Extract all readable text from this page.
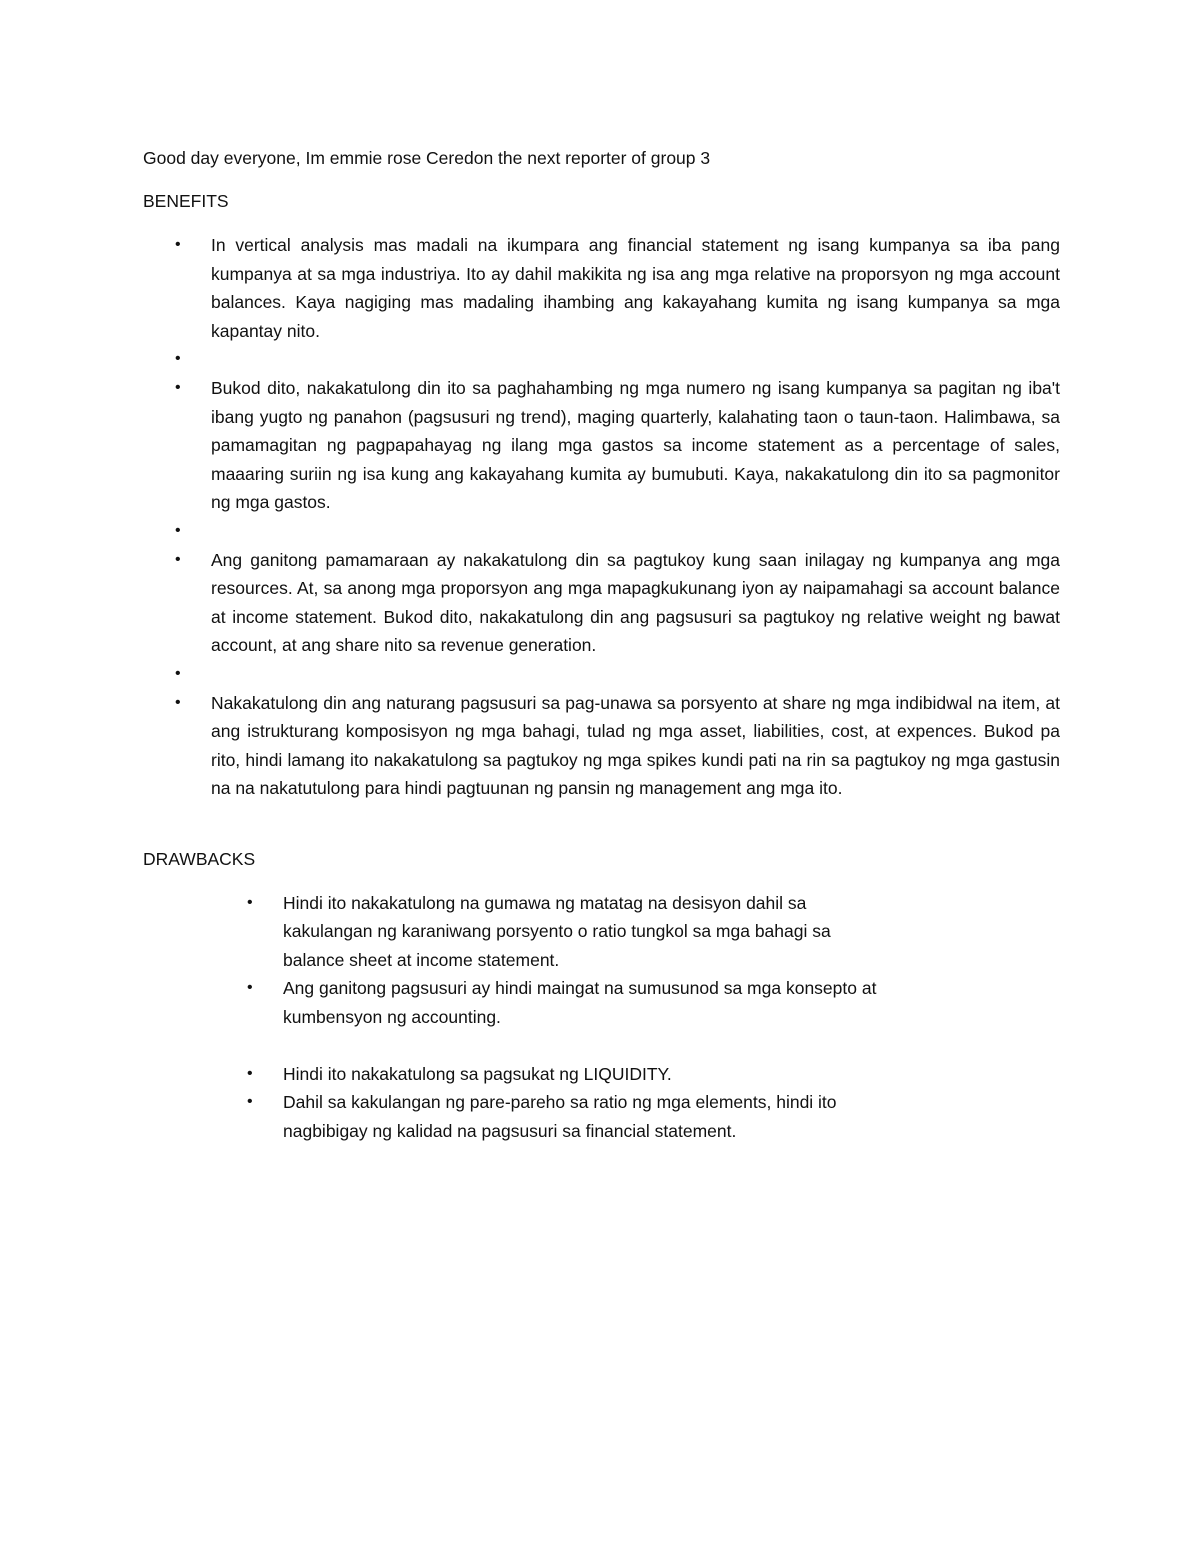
Good day everyone, Im emmie rose Ceredon the next reporter of group 3

BENEFITS

• In vertical analysis mas madali na ikumpara ang financial statement ng isang kumpanya sa iba pang kumpanya at sa mga industriya. Ito ay dahil makikita ng isa ang mga relative na proporsyon ng mga account balances. Kaya nagiging mas madaling ihambing ang kakayahang kumita ng isang kumpanya sa mga kapantay nito.
•
• Bukod dito, nakakatulong din ito sa paghahambing ng mga numero ng isang kumpanya sa pagitan ng iba't ibang yugto ng panahon (pagsusuri ng trend), maging quarterly, kalahating taon o taun-taon. Halimbawa, sa pamamagitan ng pagpapahayag ng ilang mga gastos sa income statement as a percentage of sales, maaaring suriin ng isa kung ang kakayahang kumita ay bumubuti. Kaya, nakakatulong din ito sa pagmonitor ng mga gastos.
•
• Ang ganitong pamamaraan ay nakakatulong din sa pagtukoy kung saan inilagay ng kumpanya ang mga resources. At, sa anong mga proporsyon ang mga mapagkukunang iyon ay naipamahagi sa account balance at income statement. Bukod dito, nakakatulong din ang pagsusuri sa pagtukoy ng relative weight ng bawat account, at ang share nito sa revenue generation.
•
• Nakakatulong din ang naturang pagsusuri sa pag-unawa sa porsyento at share ng mga indibidwal na item, at ang istrukturang komposisyon ng mga bahagi, tulad ng mga asset, liabilities, cost, at expences. Bukod pa rito, hindi lamang ito nakakatulong sa pagtukoy ng mga spikes kundi pati na rin sa pagtukoy ng mga gastusin na na nakatutulong para hindi pagtuunan ng pansin ng management ang mga ito.

DRAWBACKS

• Hindi ito nakakatulong na gumawa ng matatag na desisyon dahil sa kakulangan ng karaniwang porsyento o ratio tungkol sa mga bahagi sa balance sheet at income statement.
• Ang ganitong pagsusuri ay hindi maingat na sumusunod sa mga konsepto at kumbensyon ng accounting.
• Hindi ito nakakatulong sa pagsukat ng LIQUIDITY.
• Dahil sa kakulangan ng pare-pareho sa ratio ng mga elements, hindi ito nagbibigay ng kalidad na pagsusuri sa financial statement.
